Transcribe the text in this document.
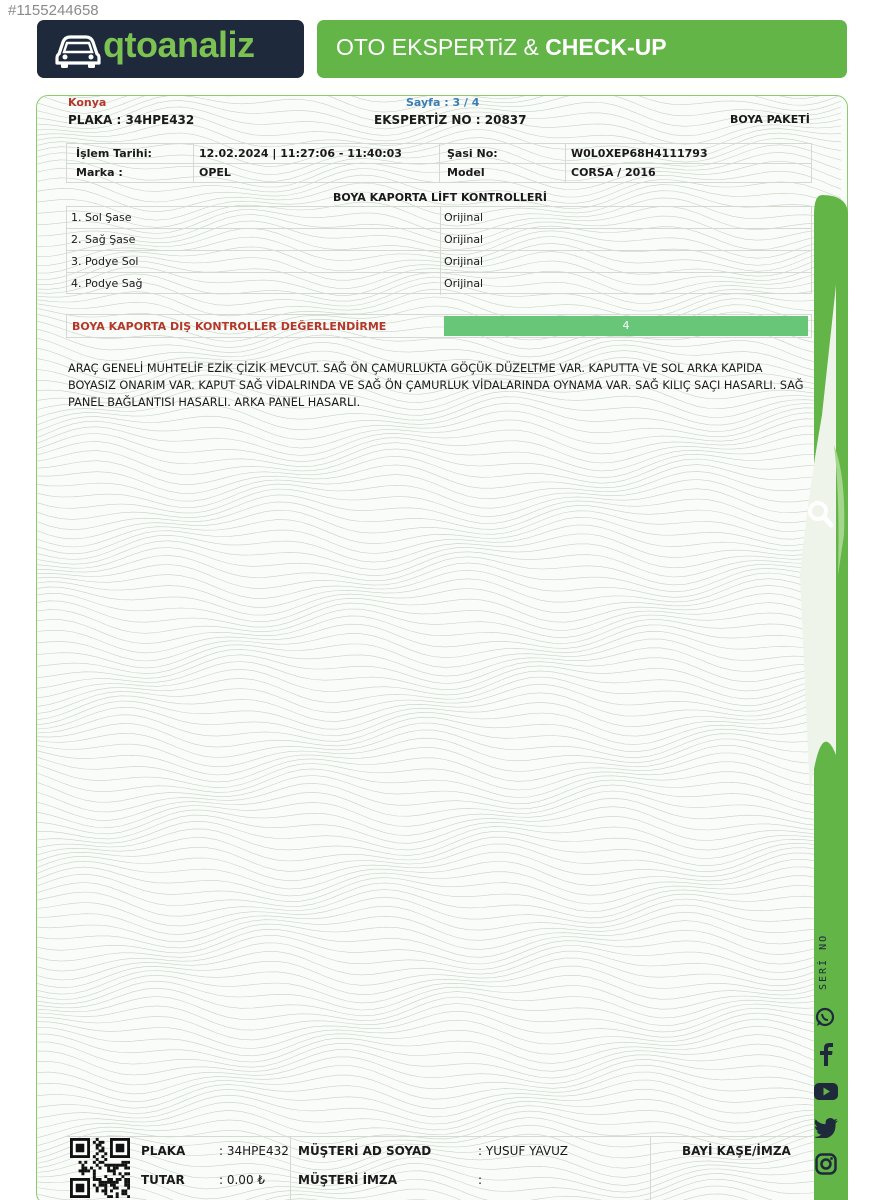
#1155244658
qtoanaliz	OTO EKSPERTiZ & CHECK-UP
SERİ NO
Konya	Sayfa : 3 / 4
PLAKA : 34HPE432	EKSPERTİZ NO : 20837	BOYA PAKETİ
İşlem Tarihi:	12.02.2024 | 11:27:06 - 11:40:03	Şasi No:	W0L0XEP68H4111793
Marka :	OPEL	Model	CORSA / 2016
BOYA KAPORTA LİFT KONTROLLERİ
1. Sol Şase	Orijinal
2. Sağ Şase	Orijinal
3. Podye Sol	Orijinal
4. Podye Sağ	Orijinal
BOYA KAPORTA DIŞ KONTROLLER DEĞERLENDİRME	4
ARAÇ GENELİ MUHTELİF EZİK ÇİZİK MEVCUT. SAĞ ÖN ÇAMURLUKTA GÖÇÜK DÜZELTME VAR. KAPUTTA VE SOL ARKA KAPIDA BOYASIZ ONARIM VAR. KAPUT SAĞ VİDALRINDA VE SAĞ ÖN ÇAMURLUK VİDALARINDA OYNAMA VAR. SAĞ KILIÇ SAÇI HASARLI. SAĞ PANEL BAĞLANTISI HASARLI. ARKA PANEL HASARLI.
PLAKA	: 34HPE432
TUTAR	: 0.00 ₺
MÜŞTERİ AD SOYAD	: YUSUF YAVUZ
MÜŞTERİ İMZA	:
BAYİ KAŞE/İMZA
